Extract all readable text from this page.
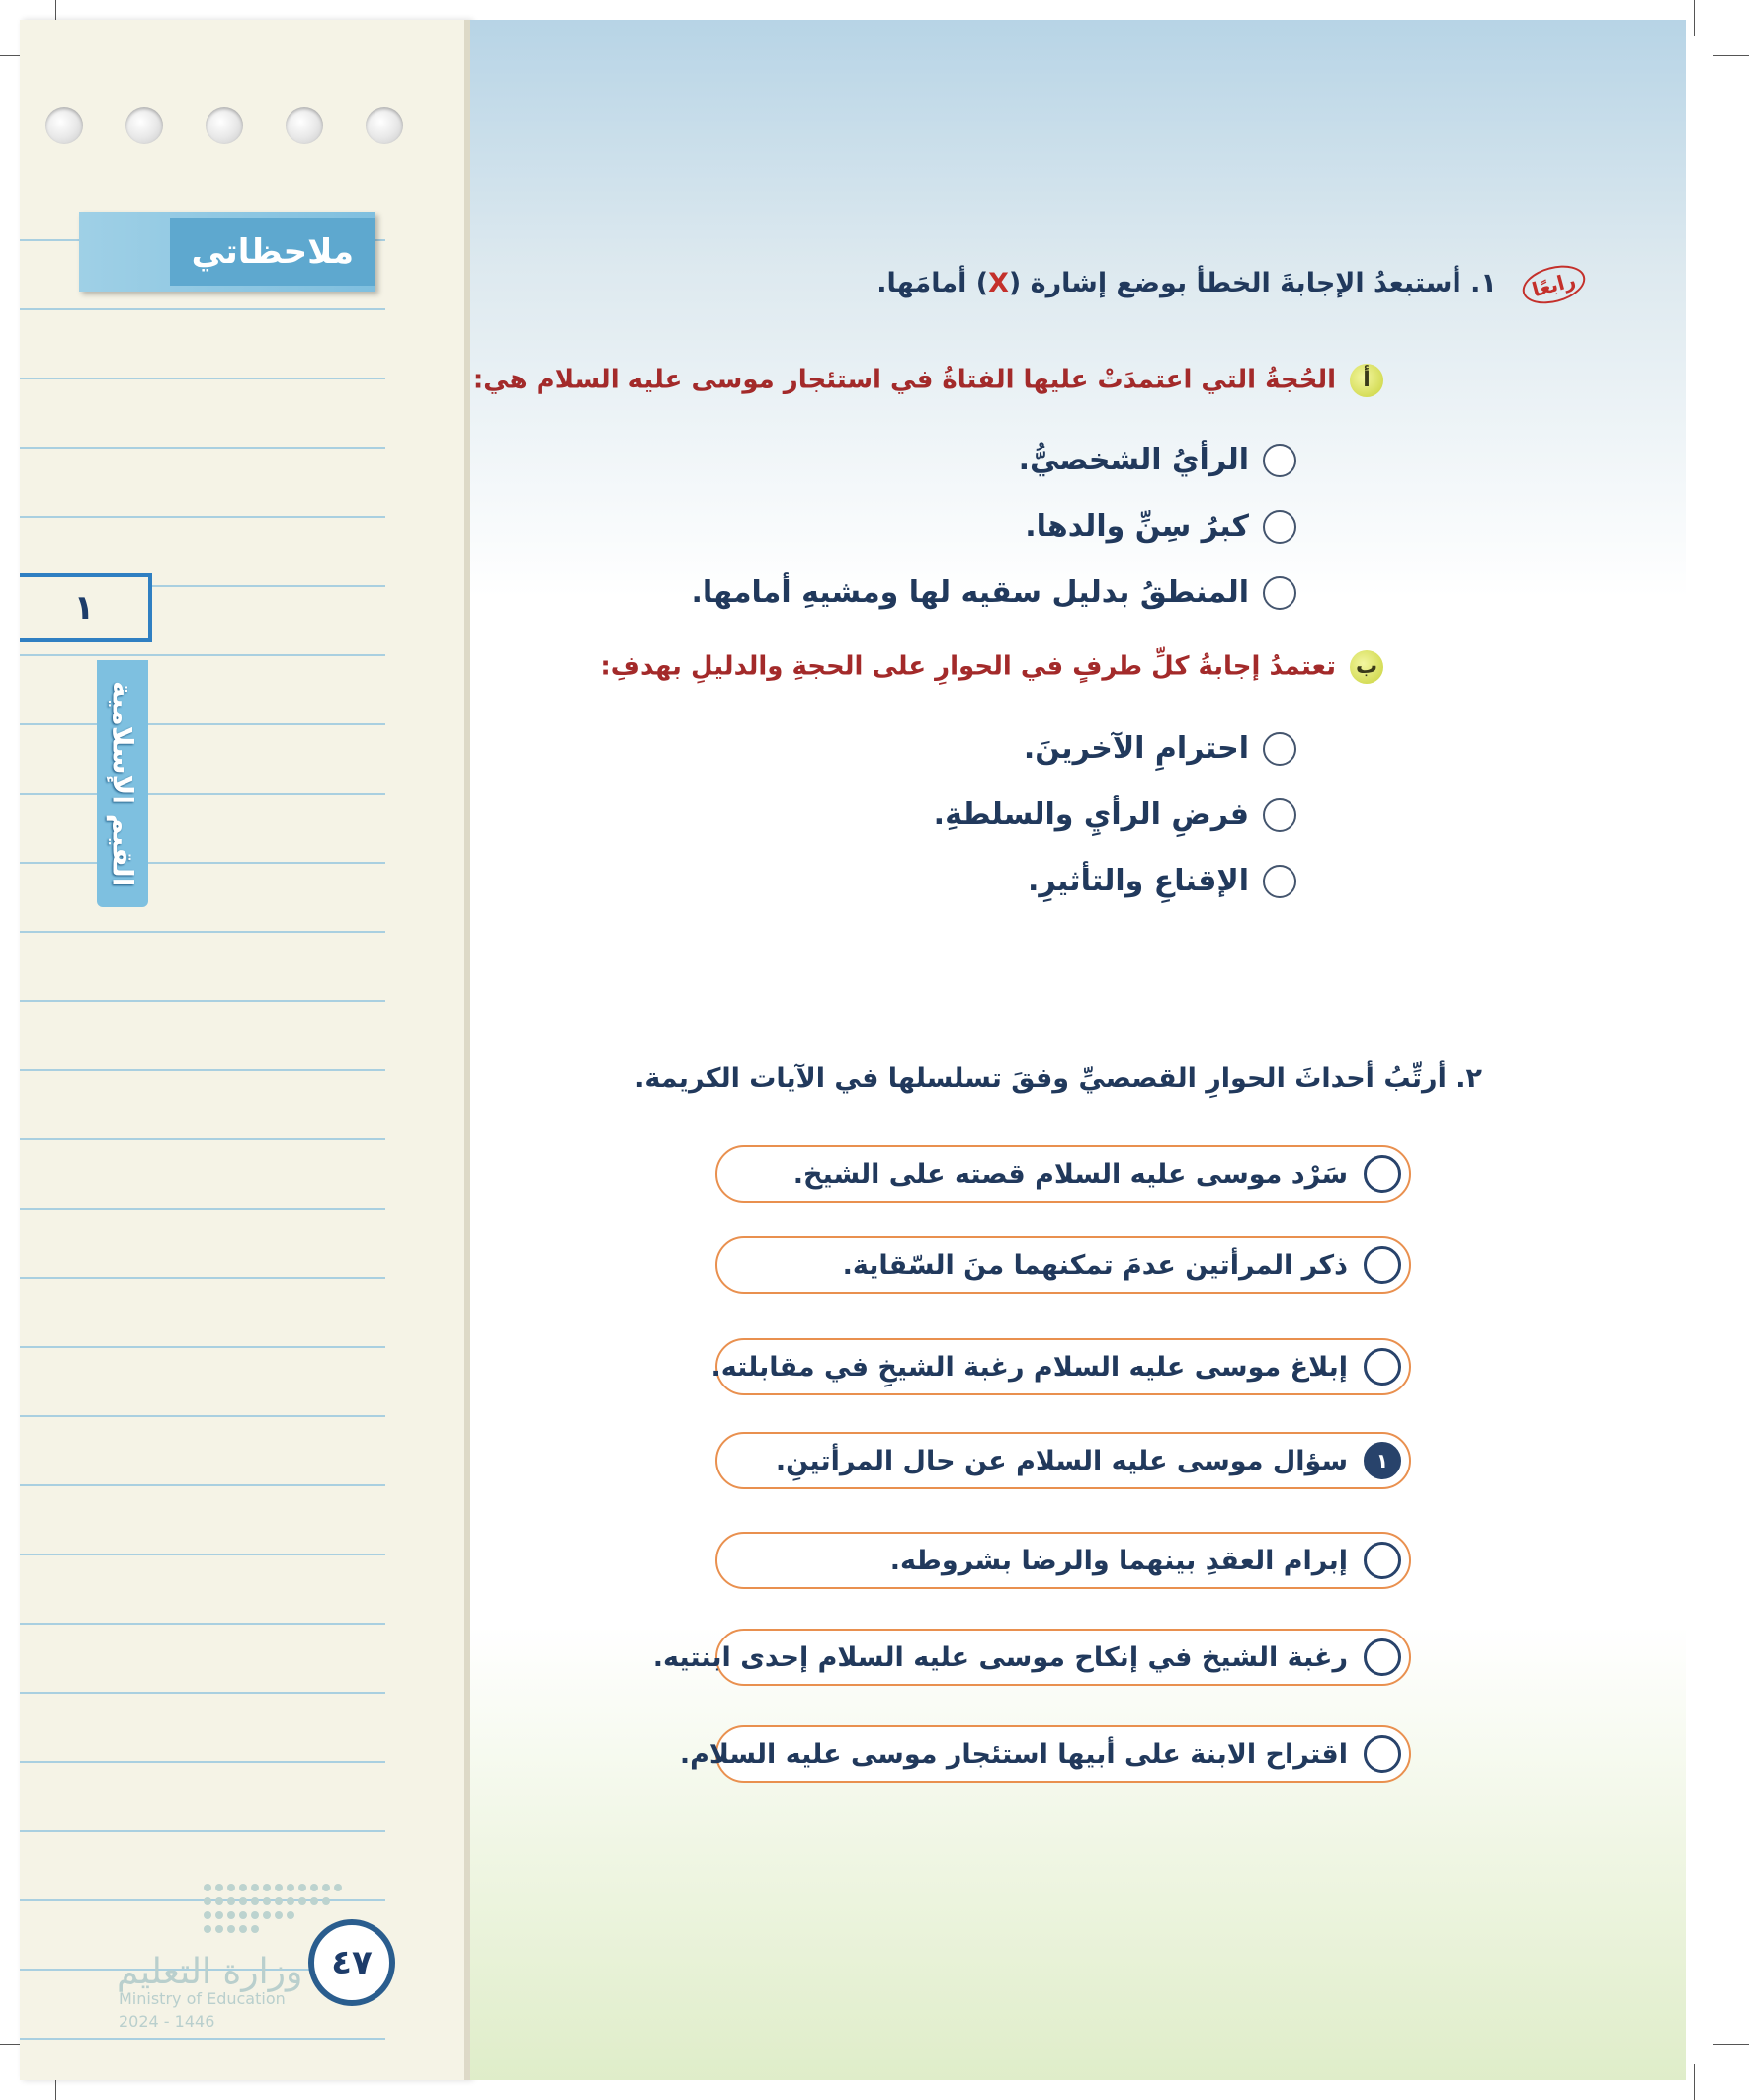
ملاحظاتي
١
القيم الإسلامية
وزارة التعليم
Ministry of Education
2024 - 1446
٤٧
رابعًا ١. أستبعدُ الإجابةَ الخطأ بوضع إشارة (X) أمامَها.
أالحُجةُ التي اعتمدَتْ عليها الفتاةُ في استئجار موسى عليه السلام هي:
الرأيُ الشخصيُّ.
كبرُ سِنِّ والدها.
المنطقُ بدليل سقيه لها ومشيهِ أمامها.
بتعتمدُ إجابةُ كلِّ طرفٍ في الحوارِ على الحجةِ والدليلِ بهدفِ:
احترامِ الآخرينَ.
فرضِ الرأيِ والسلطةِ.
الإقناعِ والتأثيرِ.
٢. أرتِّبُ أحداثَ الحوارِ القصصيِّ وفقَ تسلسلها في الآيات الكريمة.
سَرْد موسى عليه السلام قصته على الشيخ.
ذكر المرأتين عدمَ تمكنهما منَ السّقاية.
إبلاغ موسى عليه السلام رغبة الشيخِ في مقابلته.
١
سؤال موسى عليه السلام عن حال المرأتينِ.
إبرام العقدِ بينهما والرضا بشروطه.
رغبة الشيخ في إنكاح موسى عليه السلام إحدى ابنتيه.
اقتراح الابنة على أبيها استئجار موسى عليه السلام.
